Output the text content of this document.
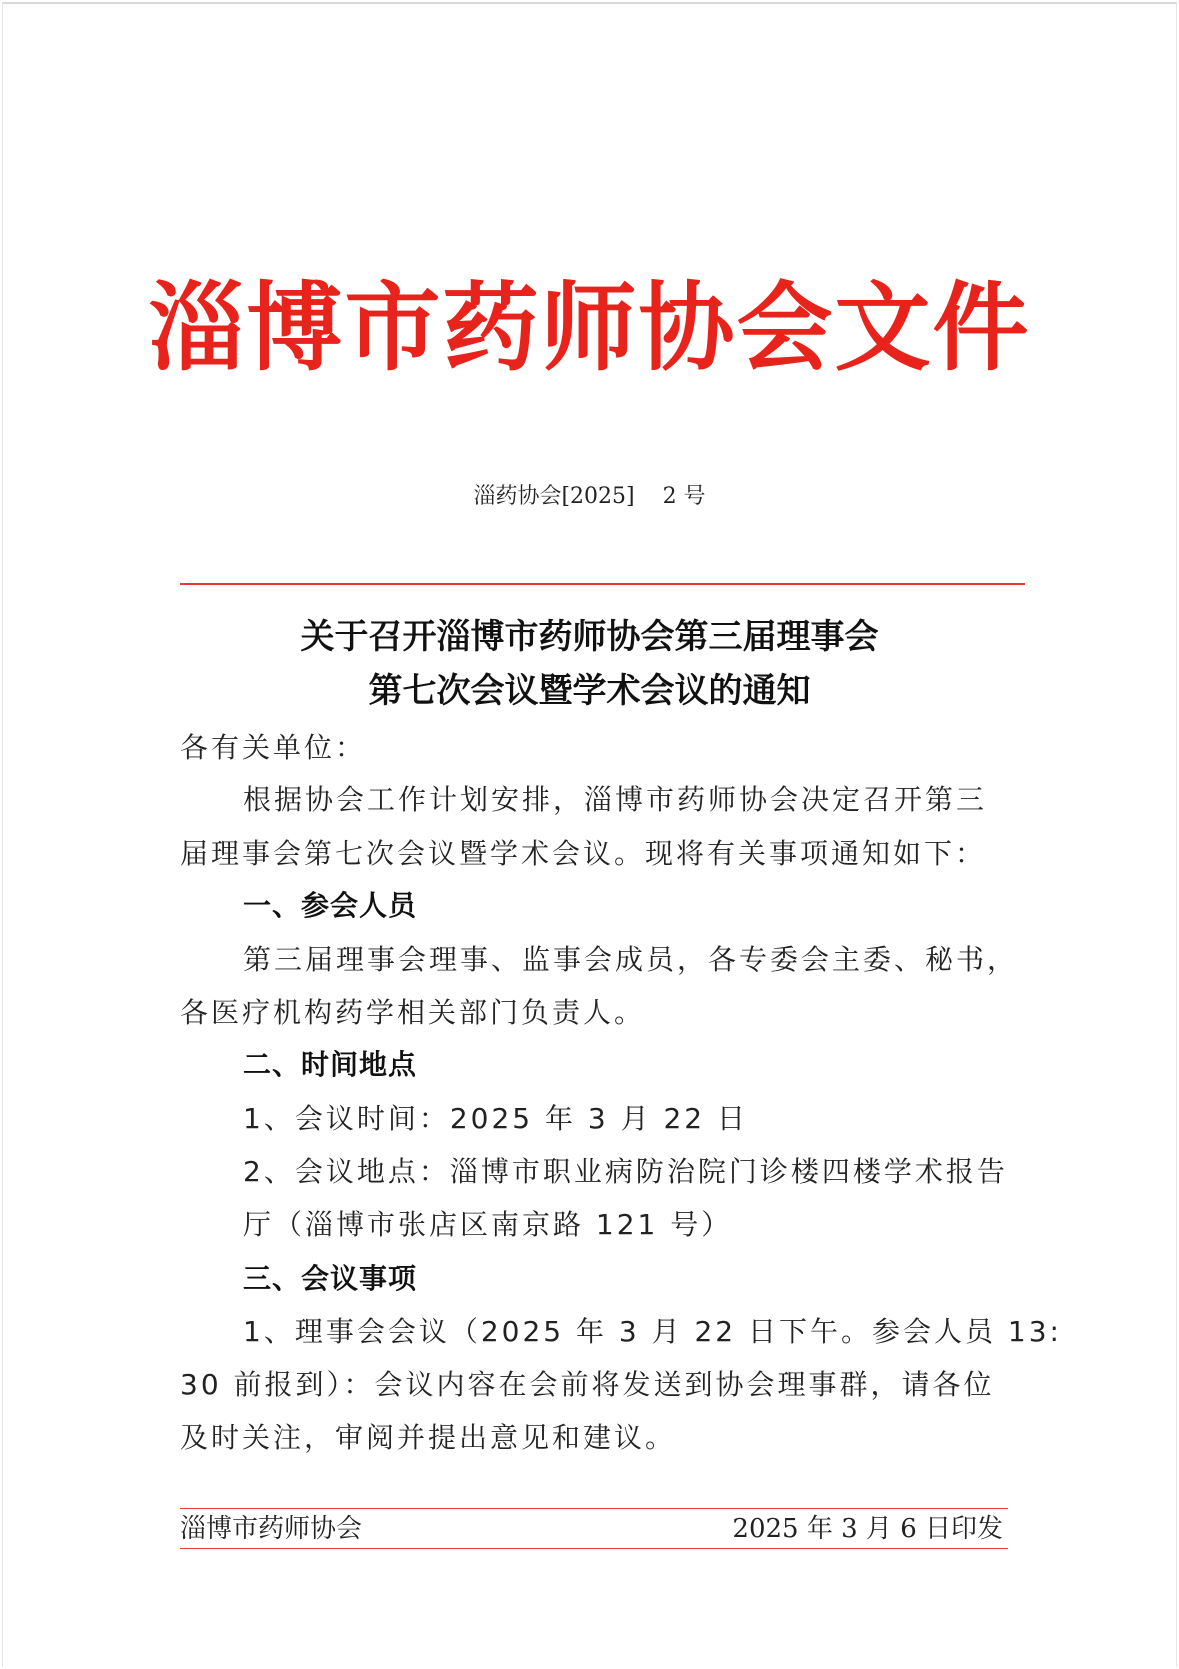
淄博市药师协会文件
淄药协会[2025]    2 号
关于召开淄博市药师协会第三届理事会
第七次会议暨学术会议的通知
各有关单位：
根据协会工作计划安排，淄博市药师协会决定召开第三
届理事会第七次会议暨学术会议。现将有关事项通知如下：
一、参会人员
第三届理事会理事、监事会成员，各专委会主委、秘书，
各医疗机构药学相关部门负责人。
二、时间地点
1、会议时间：2025 年 3 月 22 日
2、会议地点：淄博市职业病防治院门诊楼四楼学术报告
厅（淄博市张店区南京路 121 号）
三、会议事项
1、理事会会议（2025 年 3 月 22 日下午。参会人员 13:
30 前报到）：会议内容在会前将发送到协会理事群，请各位
及时关注，审阅并提出意见和建议。
淄博市药师协会	2025 年 3 月 6 日印发
